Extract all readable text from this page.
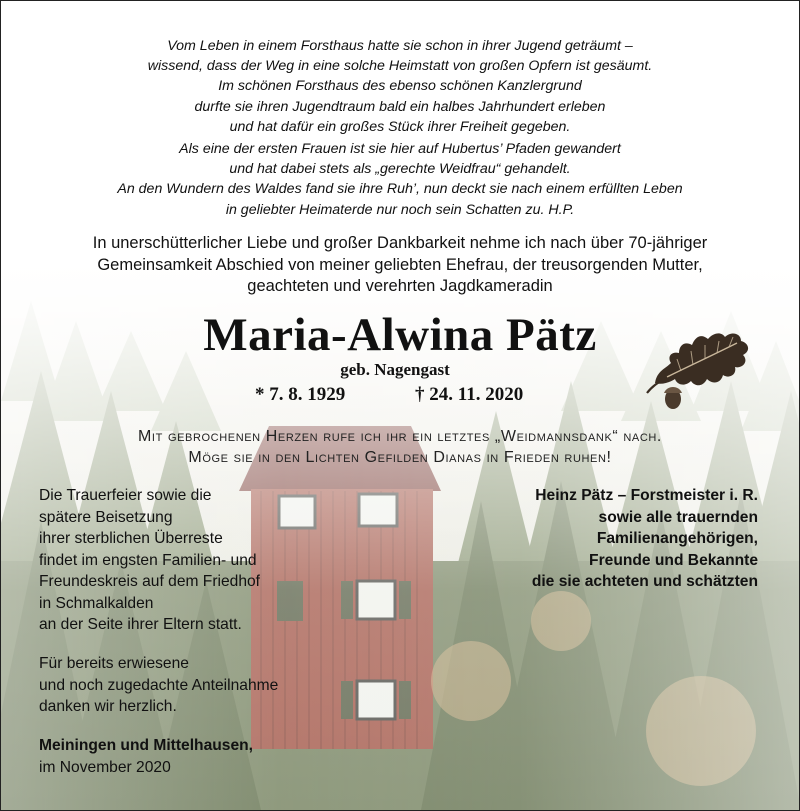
Vom Leben in einem Forsthaus hatte sie schon in ihrer Jugend geträumt –
wissend, dass der Weg in eine solche Heimstatt von großen Opfern ist gesäumt.
Im schönen Forsthaus des ebenso schönen Kanzlergrund
durfte sie ihren Jugendtraum bald ein halbes Jahrhundert erleben
und hat dafür ein großes Stück ihrer Freiheit gegeben.
Als eine der ersten Frauen ist sie hier auf Hubertus’ Pfaden gewandert
und hat dabei stets als „gerechte Weidfrau“ gehandelt.
An den Wundern des Waldes fand sie ihre Ruh’, nun deckt sie nach einem erfüllten Leben
in geliebter Heimaterde nur noch sein Schatten zu. H.P.
In unerschütterlicher Liebe und großer Dankbarkeit nehme ich nach über 70-jähriger
Gemeinsamkeit Abschied von meiner geliebten Ehefrau, der treusorgenden Mutter,
geachteten und verehrten Jagdkameradin
Maria-Alwina Pätz
geb. Nagengast
* 7. 8. 1929	† 24. 11. 2020
Mit gebrochenen Herzen rufe ich ihr ein letztes „Weidmannsdank“ nach.
Möge sie in den Lichten Gefilden Dianas in Frieden ruhen!
Die Trauerfeier sowie die
spätere Beisetzung
ihrer sterblichen Überreste
findet im engsten Familien- und
Freundeskreis auf dem Friedhof
in Schmalkalden
an der Seite ihrer Eltern statt.
Für bereits erwiesene
und noch zugedachte Anteilnahme
danken wir herzlich.
Meiningen und Mittelhausen,
im November 2020
Heinz Pätz – Forstmeister i. R.
sowie alle trauernden
Familienangehörigen,
Freunde und Bekannte
die sie achteten und schätzten
